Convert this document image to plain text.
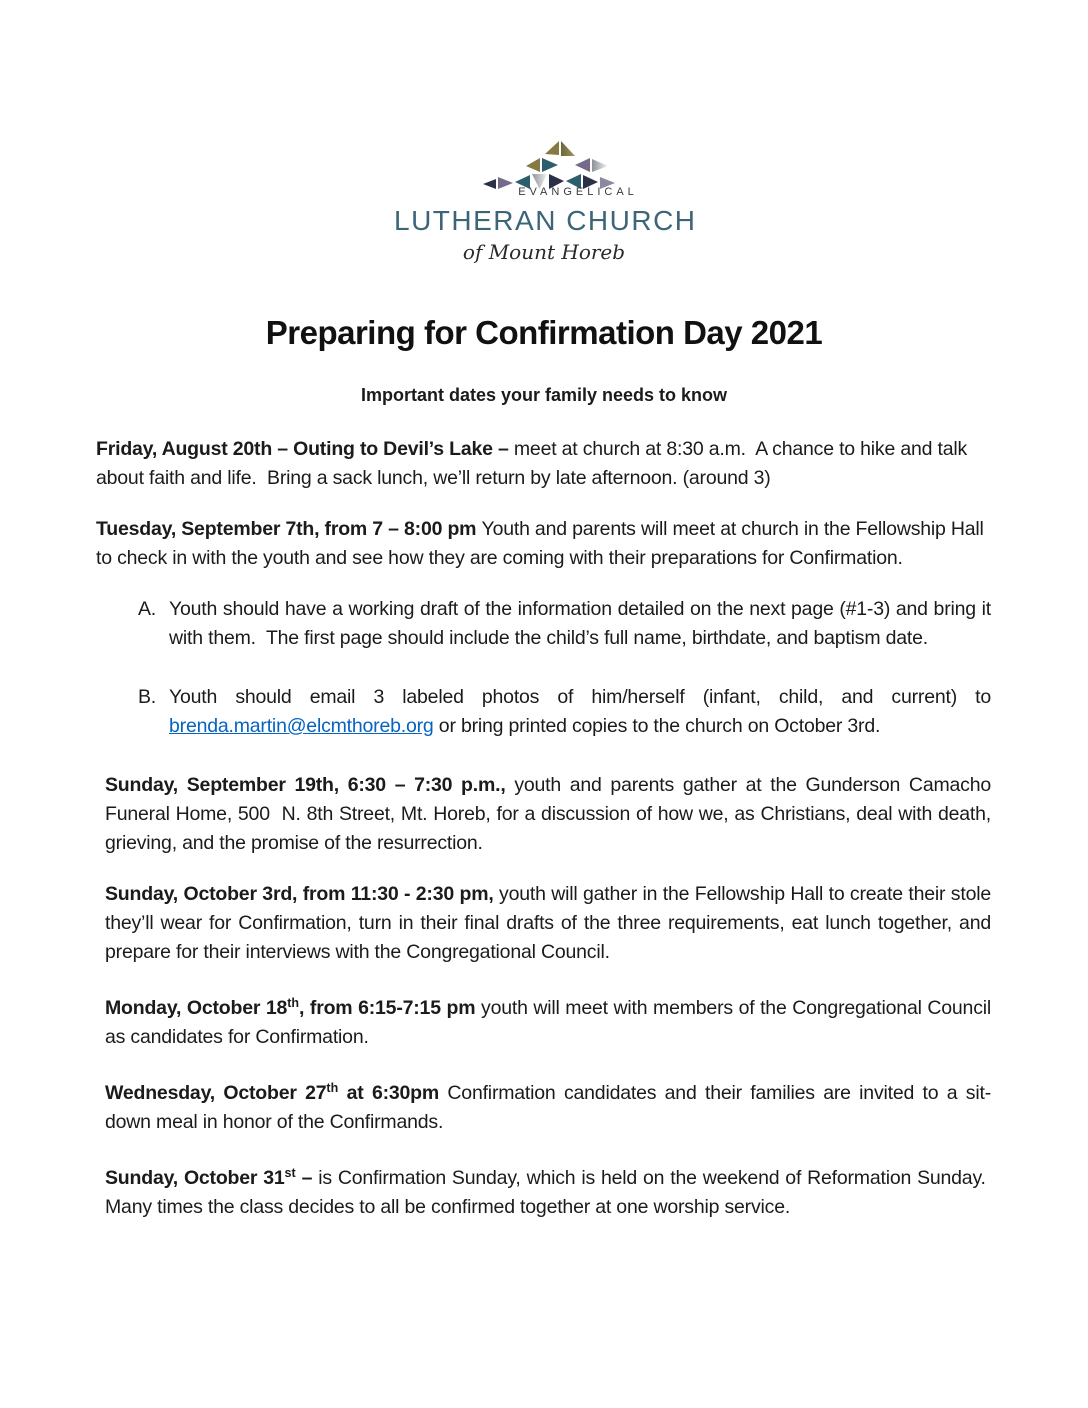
EVANGELICAL
LUTHERAN CHURCH
of Mount Horeb
Preparing for Confirmation Day 2021
Important dates your family needs to know

Friday, August 20th – Outing to Devil’s Lake – meet at church at 8:30 a.m.  A chance to hike and talk about faith and life.  Bring a sack lunch, we’ll return by late afternoon. (around 3)

Tuesday, September 7th, from 7 – 8:00 pm Youth and parents will meet at church in the Fellowship Hall to check in with the youth and see how they are coming with their preparations for Confirmation.

A. Youth should have a working draft of the information detailed on the next page (#1-3) and bring it with them.  The first page should include the child’s full name, birthdate, and baptism date.
B. Youth should email 3 labeled photos of him/herself (infant, child, and current) to brenda.martin@elcmthoreb.org or bring printed copies to the church on October 3rd.

Sunday, September 19th, 6:30 – 7:30 p.m., youth and parents gather at the Gunderson Camacho Funeral Home, 500  N. 8th Street, Mt. Horeb, for a discussion of how we, as Christians, deal with death, grieving, and the promise of the resurrection.

Sunday, October 3rd, from 11:30 - 2:30 pm, youth will gather in the Fellowship Hall to create their stole they’ll wear for Confirmation, turn in their final drafts of the three requirements, eat lunch together, and prepare for their interviews with the Congregational Council.

Monday, October 18th, from 6:15-7:15 pm youth will meet with members of the Congregational Council as candidates for Confirmation.

Wednesday, October 27th at 6:30pm Confirmation candidates and their families are invited to a sit-down meal in honor of the Confirmands.

Sunday, October 31st – is Confirmation Sunday, which is held on the weekend of Reformation Sunday.  Many times the class decides to all be confirmed together at one worship service.
